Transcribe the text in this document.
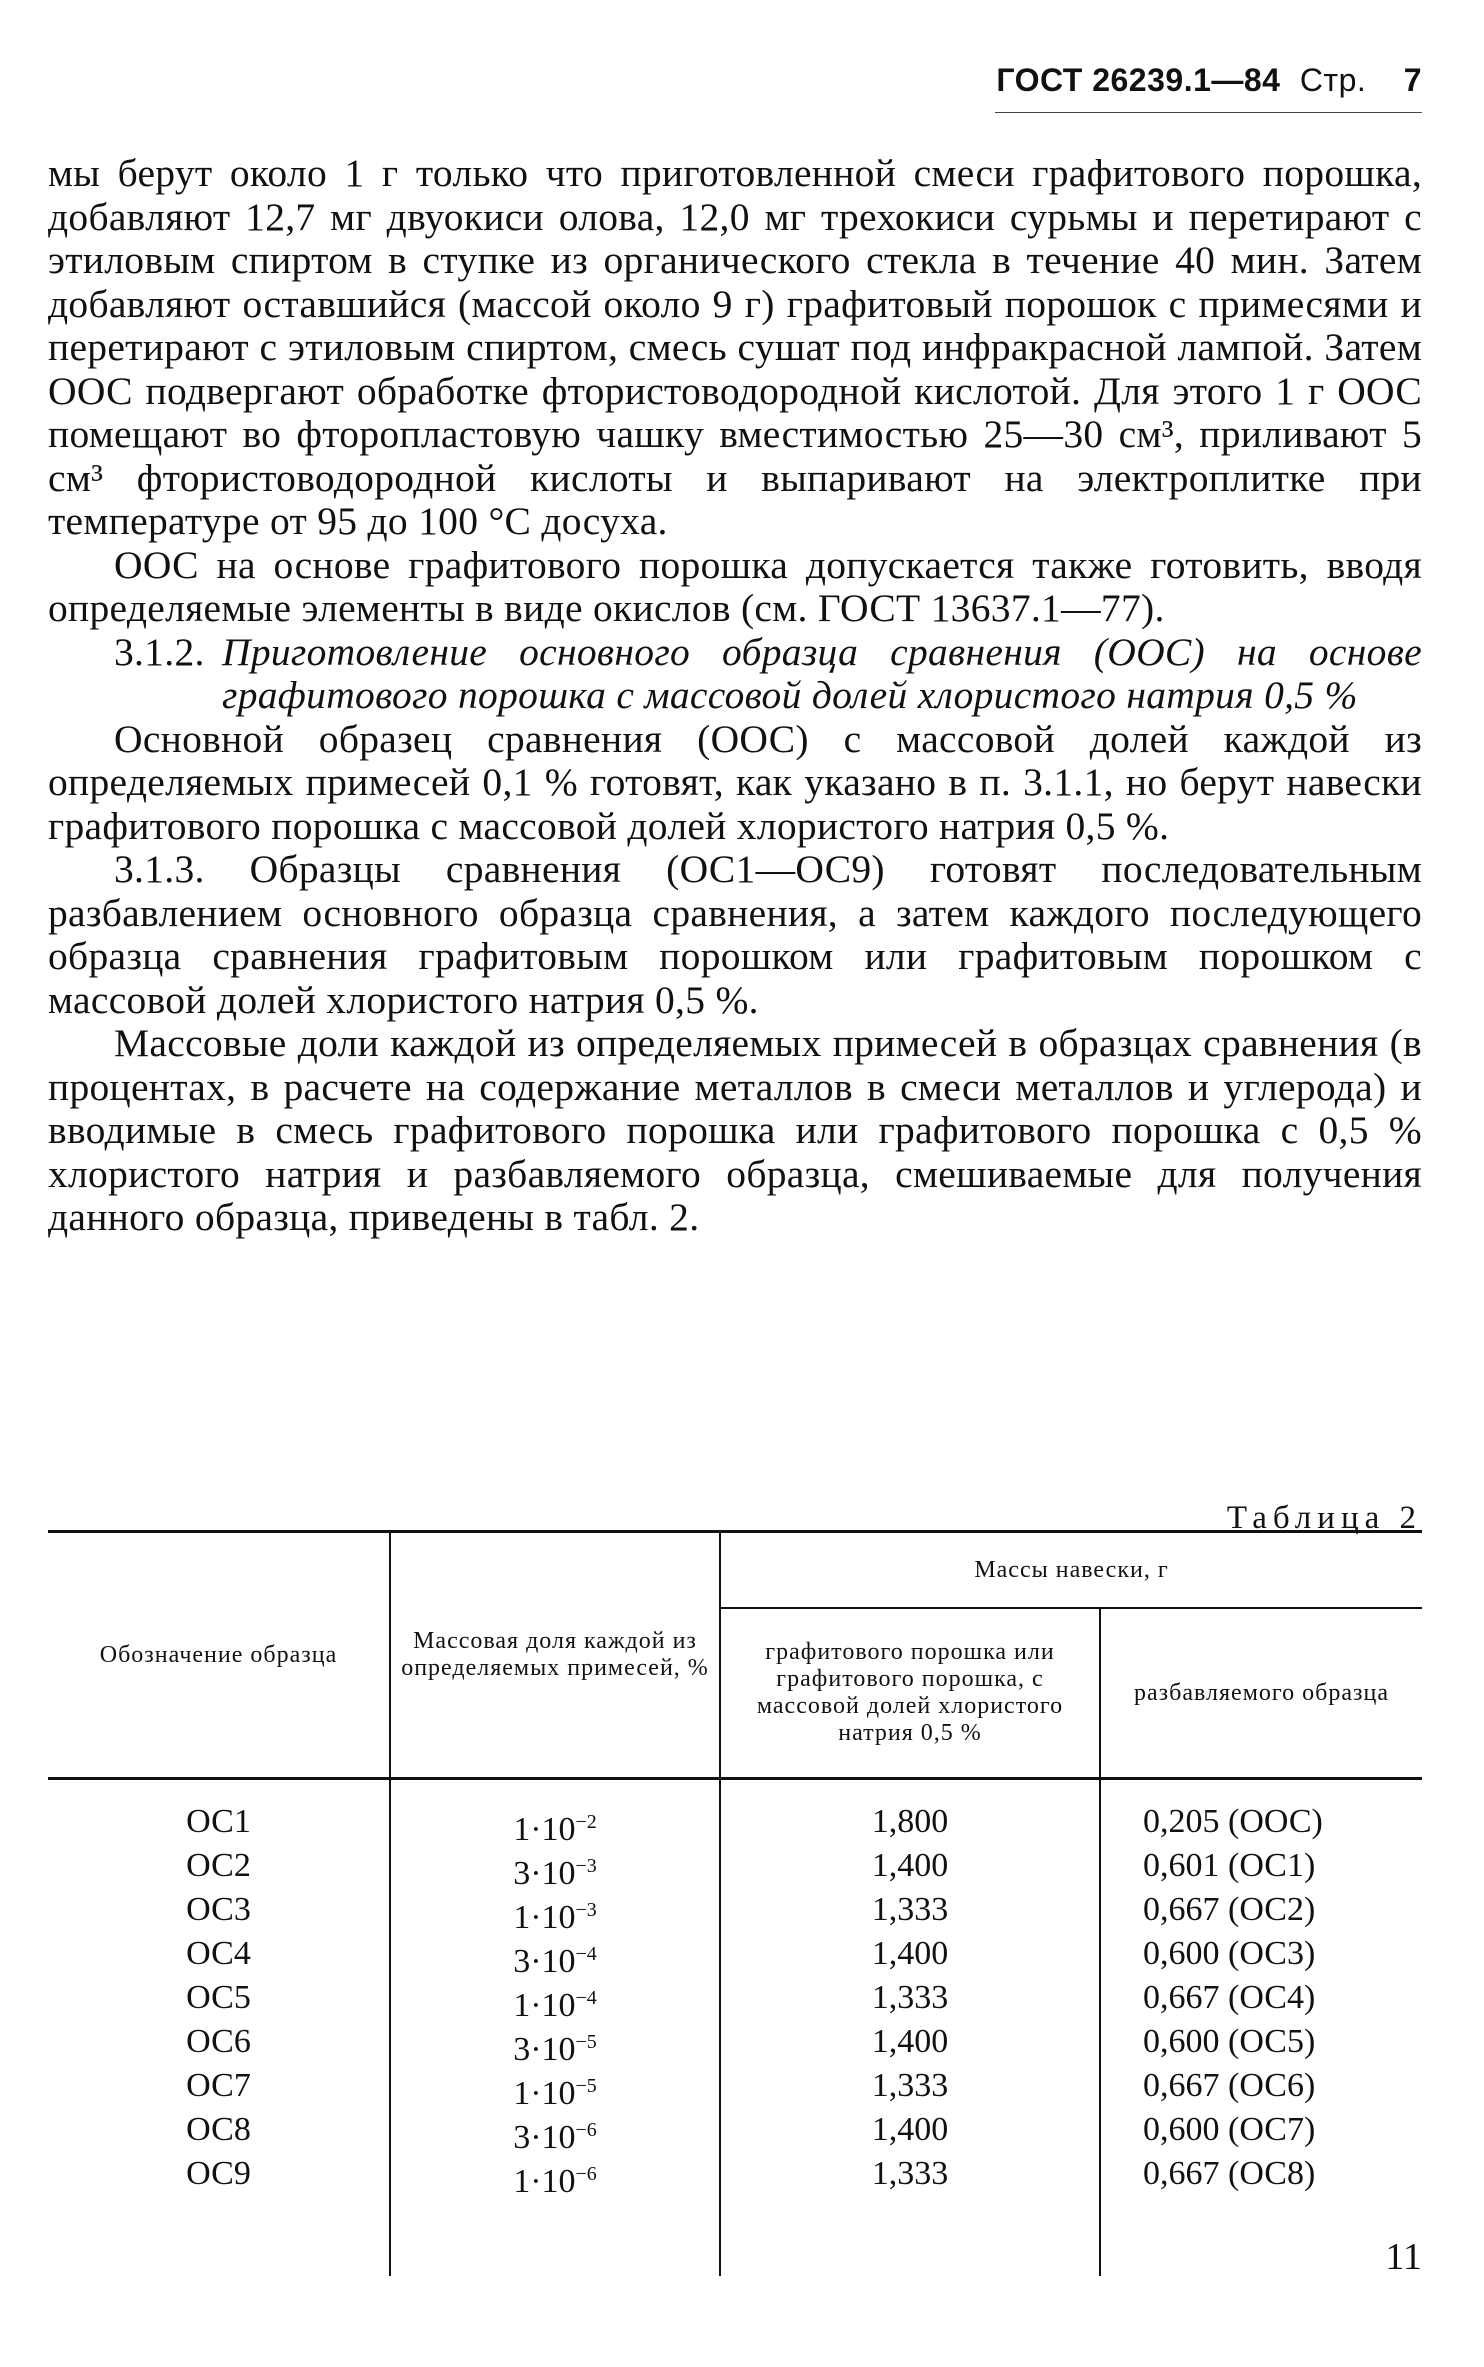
ГОСТ 26239.1—84 Стр. 7

мы берут около 1 г только что приготовленной смеси графитового порошка, добавляют 12,7 мг двуокиси олова, 12,0 мг трехокиси сурьмы и перетирают с этиловым спиртом в ступке из органического стекла в течение 40 мин. Затем добавляют оставшийся (массой около 9 г) графитовый порошок с примесями и перетирают с этиловым спиртом, смесь сушат под инфракрасной лампой. Затем ООС подвергают обработке фтористоводородной кислотой. Для этого 1 г ООС помещают во фторопластовую чашку вместимостью 25—30 см³, приливают 5 см³ фтористоводородной кислоты и выпаривают на электроплитке при температуре от 95 до 100 °С досуха.

ООС на основе графитового порошка допускается также готовить, вводя определяемые элементы в виде окислов (см. ГОСТ 13637.1—77).

3.1.2. Приготовление основного образца сравнения (ООС) на основе графитового порошка с массовой долей хлористого натрия 0,5 %

Основной образец сравнения (ООС) с массовой долей каждой из определяемых примесей 0,1 % готовят, как указано в п. 3.1.1, но берут навески графитового порошка с массовой долей хлористого натрия 0,5 %.

3.1.3. Образцы сравнения (ОС1—ОС9) готовят последовательным разбавлением основного образца сравнения, а затем каждого последующего образца сравнения графитовым порошком или графитовым порошком с массовой долей хлористого натрия 0,5 %.

Массовые доли каждой из определяемых примесей в образцах сравнения (в процентах, в расчете на содержание металлов в смеси металлов и углерода) и вводимые в смесь графитового порошка или графитового порошка с 0,5 % хлористого натрия и разбавляемого образца, смешиваемые для получения данного образца, приведены в табл. 2.

Таблица 2
Обозначение образца	Массовая доля каждой из определяемых примесей, %	Массы навески, г	
		графитового порошка или графитового порошка, с массовой долей хлористого натрия 0,5 %	разбавляемого образца
ОС1	$1\cdot 10^{-2}$	1,800	0,205 (ООС)
ОС2	$3\cdot 10^{-3}$	1,400	0,601 (ОС1)
ОС3	$1\cdot 10^{-3}$	1,333	0,667 (ОС2)
ОС4	$3\cdot 10^{-4}$	1,400	0,600 (ОС3)
ОС5	$1\cdot 10^{-4}$	1,333	0,667 (ОС4)
ОС6	$3\cdot 10^{-5}$	1,400	0,600 (ОС5)
ОС7	$1\cdot 10^{-5}$	1,333	0,667 (ОС6)
ОС8	$3\cdot 10^{-6}$	1,400	0,600 (ОС7)
ОС9	$1\cdot 10^{-6}$	1,333	0,667 (ОС8)
11
